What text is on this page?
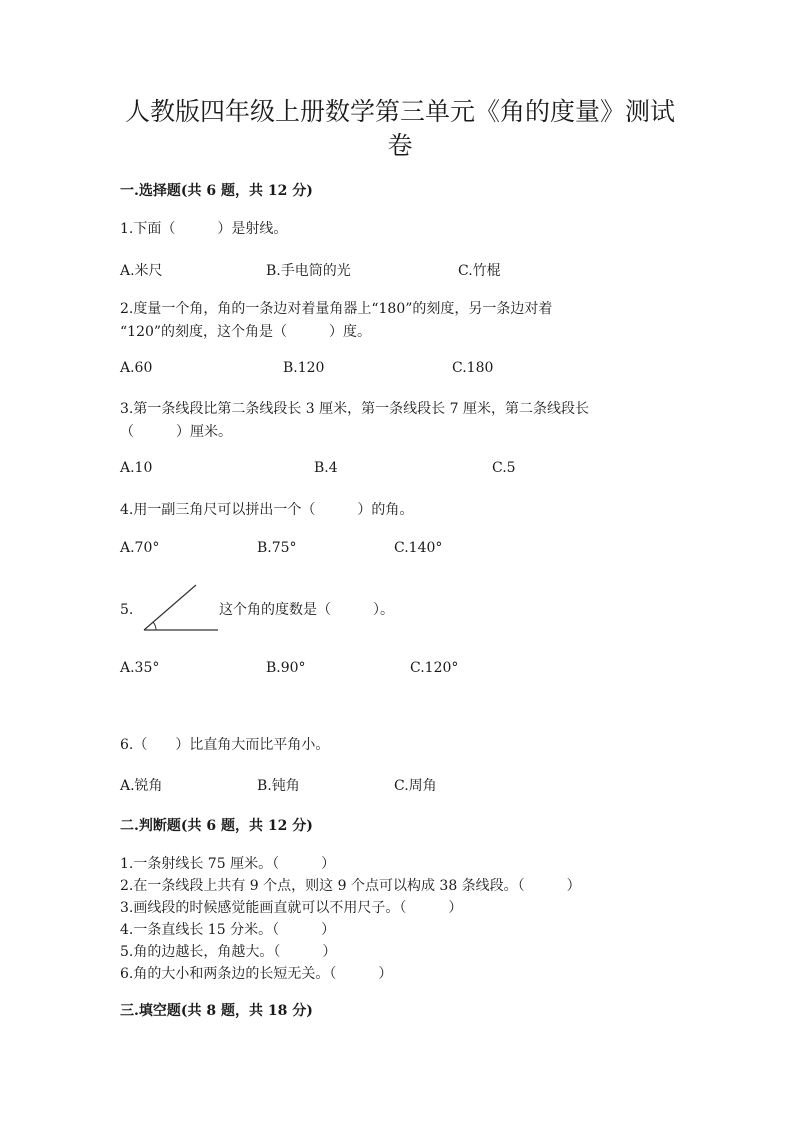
人教版四年级上册数学第三单元《角的度量》测试
卷
一.选择题(共 6 题，共 12 分)
1.下面（　　　）是射线。
A.米尺	B.手电筒的光	C.竹棍
2.度量一个角，角的一条边对着量角器上“180”的刻度，另一条边对着
“120”的刻度，这个角是（　　　）度。
A.60	B.120	C.180
3.第一条线段比第二条线段长 3 厘米，第一条线段长 7 厘米，第二条线段长
（　　　）厘米。
A.10	B.4	C.5
4.用一副三角尺可以拼出一个（　　　）的角。
A.70°	B.75°	C.140°
5.	这个角的度数是（　　　）。
A.35°	B.90°	C.120°
6.（　　）比直角大而比平角小。
A.锐角	B.钝角	C.周角
二.判断题(共 6 题，共 12 分)
1.一条射线长 75 厘米。（　　　）
2.在一条线段上共有 9 个点，则这 9 个点可以构成 38 条线段。（　　　）
3.画线段的时候感觉能画直就可以不用尺子。（　　　）
4.一条直线长 15 分米。（　　　）
5.角的边越长，角越大。（　　　）
6.角的大小和两条边的长短无关。（　　　）
三.填空题(共 8 题，共 18 分)
